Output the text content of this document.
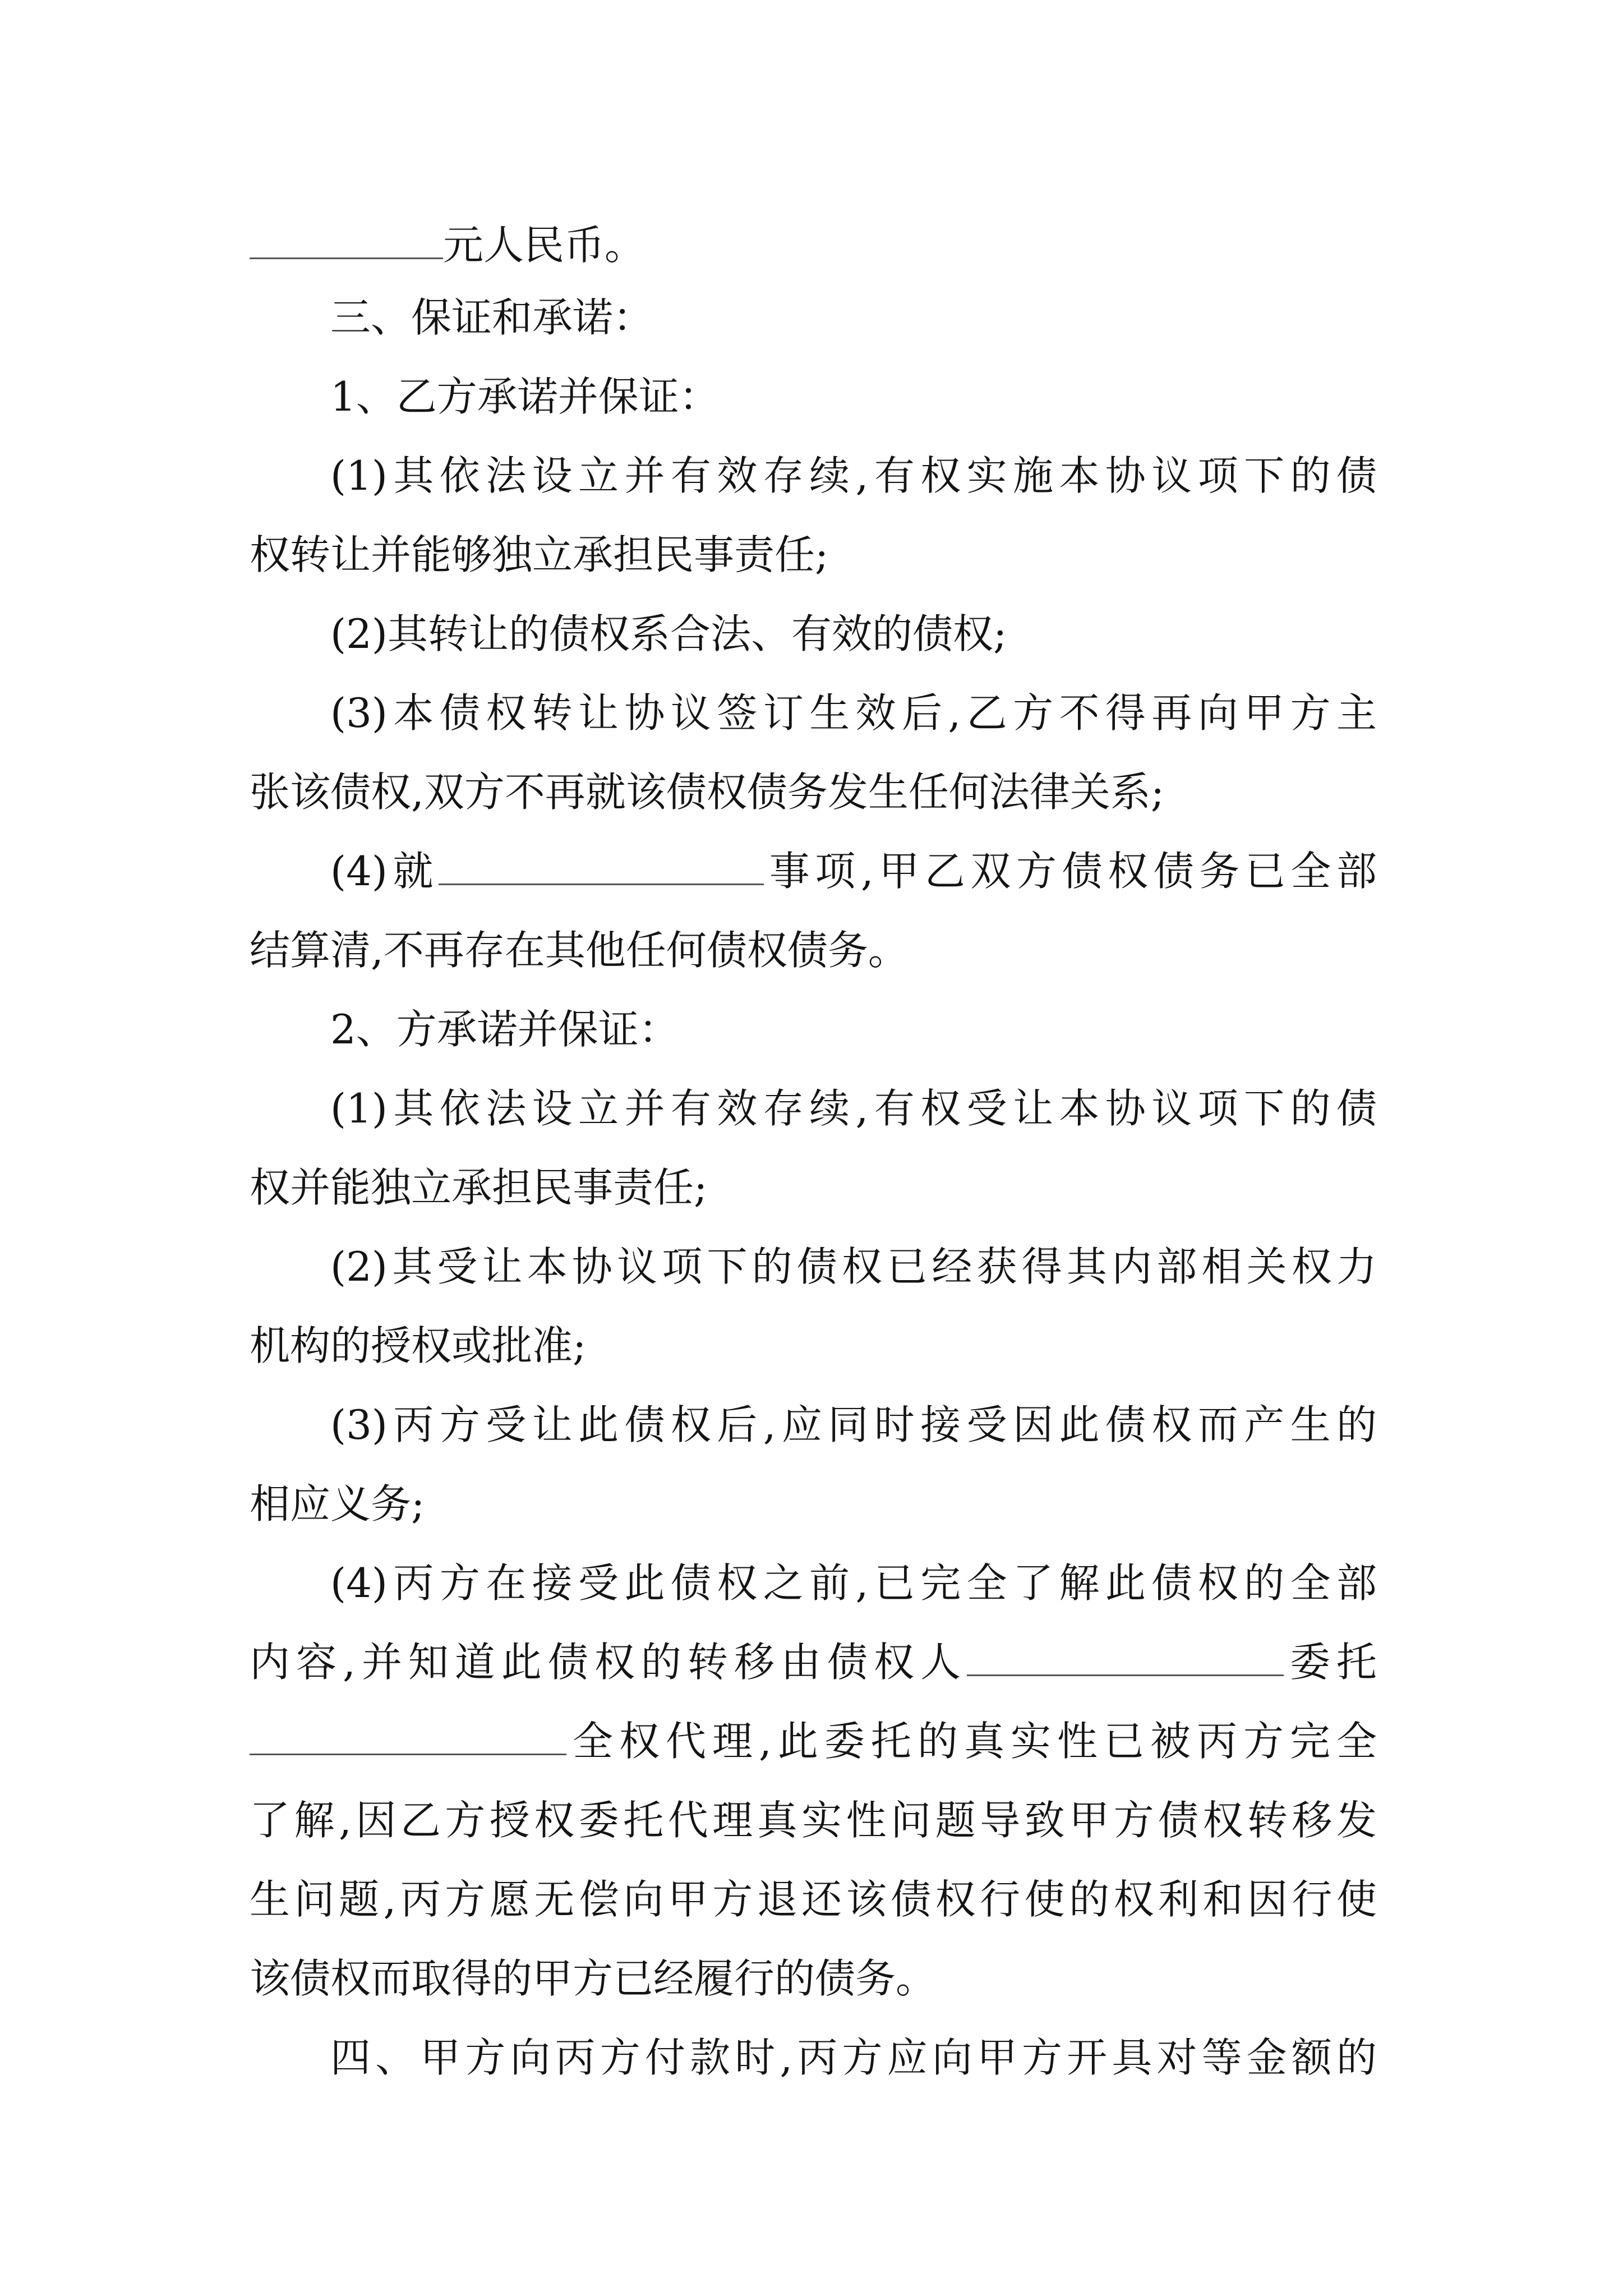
元人民币。
三、保证和承诺：
1、乙方承诺并保证：
(1)其依法设立并有效存续,有权实施本协议项下的债
权转让并能够独立承担民事责任;
(2)其转让的债权系合法、有效的债权;
(3)本债权转让协议签订生效后,乙方不得再向甲方主
张该债权,双方不再就该债权债务发生任何法律关系;
(4)就	事项,甲乙双方债权债务已全部
结算清,不再存在其他任何债权债务。
2、方承诺并保证：
(1)其依法设立并有效存续,有权受让本协议项下的债
权并能独立承担民事责任;
(2)其受让本协议项下的债权已经获得其内部相关权力
机构的授权或批准;
(3)丙方受让此债权后,应同时接受因此债权而产生的
相应义务;
(4)丙方在接受此债权之前,已完全了解此债权的全部
内容,并知道此债权的转移由债权人	委托
全权代理,此委托的真实性已被丙方完全
了解,因乙方授权委托代理真实性问题导致甲方债权转移发
生问题,丙方愿无偿向甲方退还该债权行使的权利和因行使
该债权而取得的甲方已经履行的债务。
四、甲方向丙方付款时,丙方应向甲方开具对等金额的
